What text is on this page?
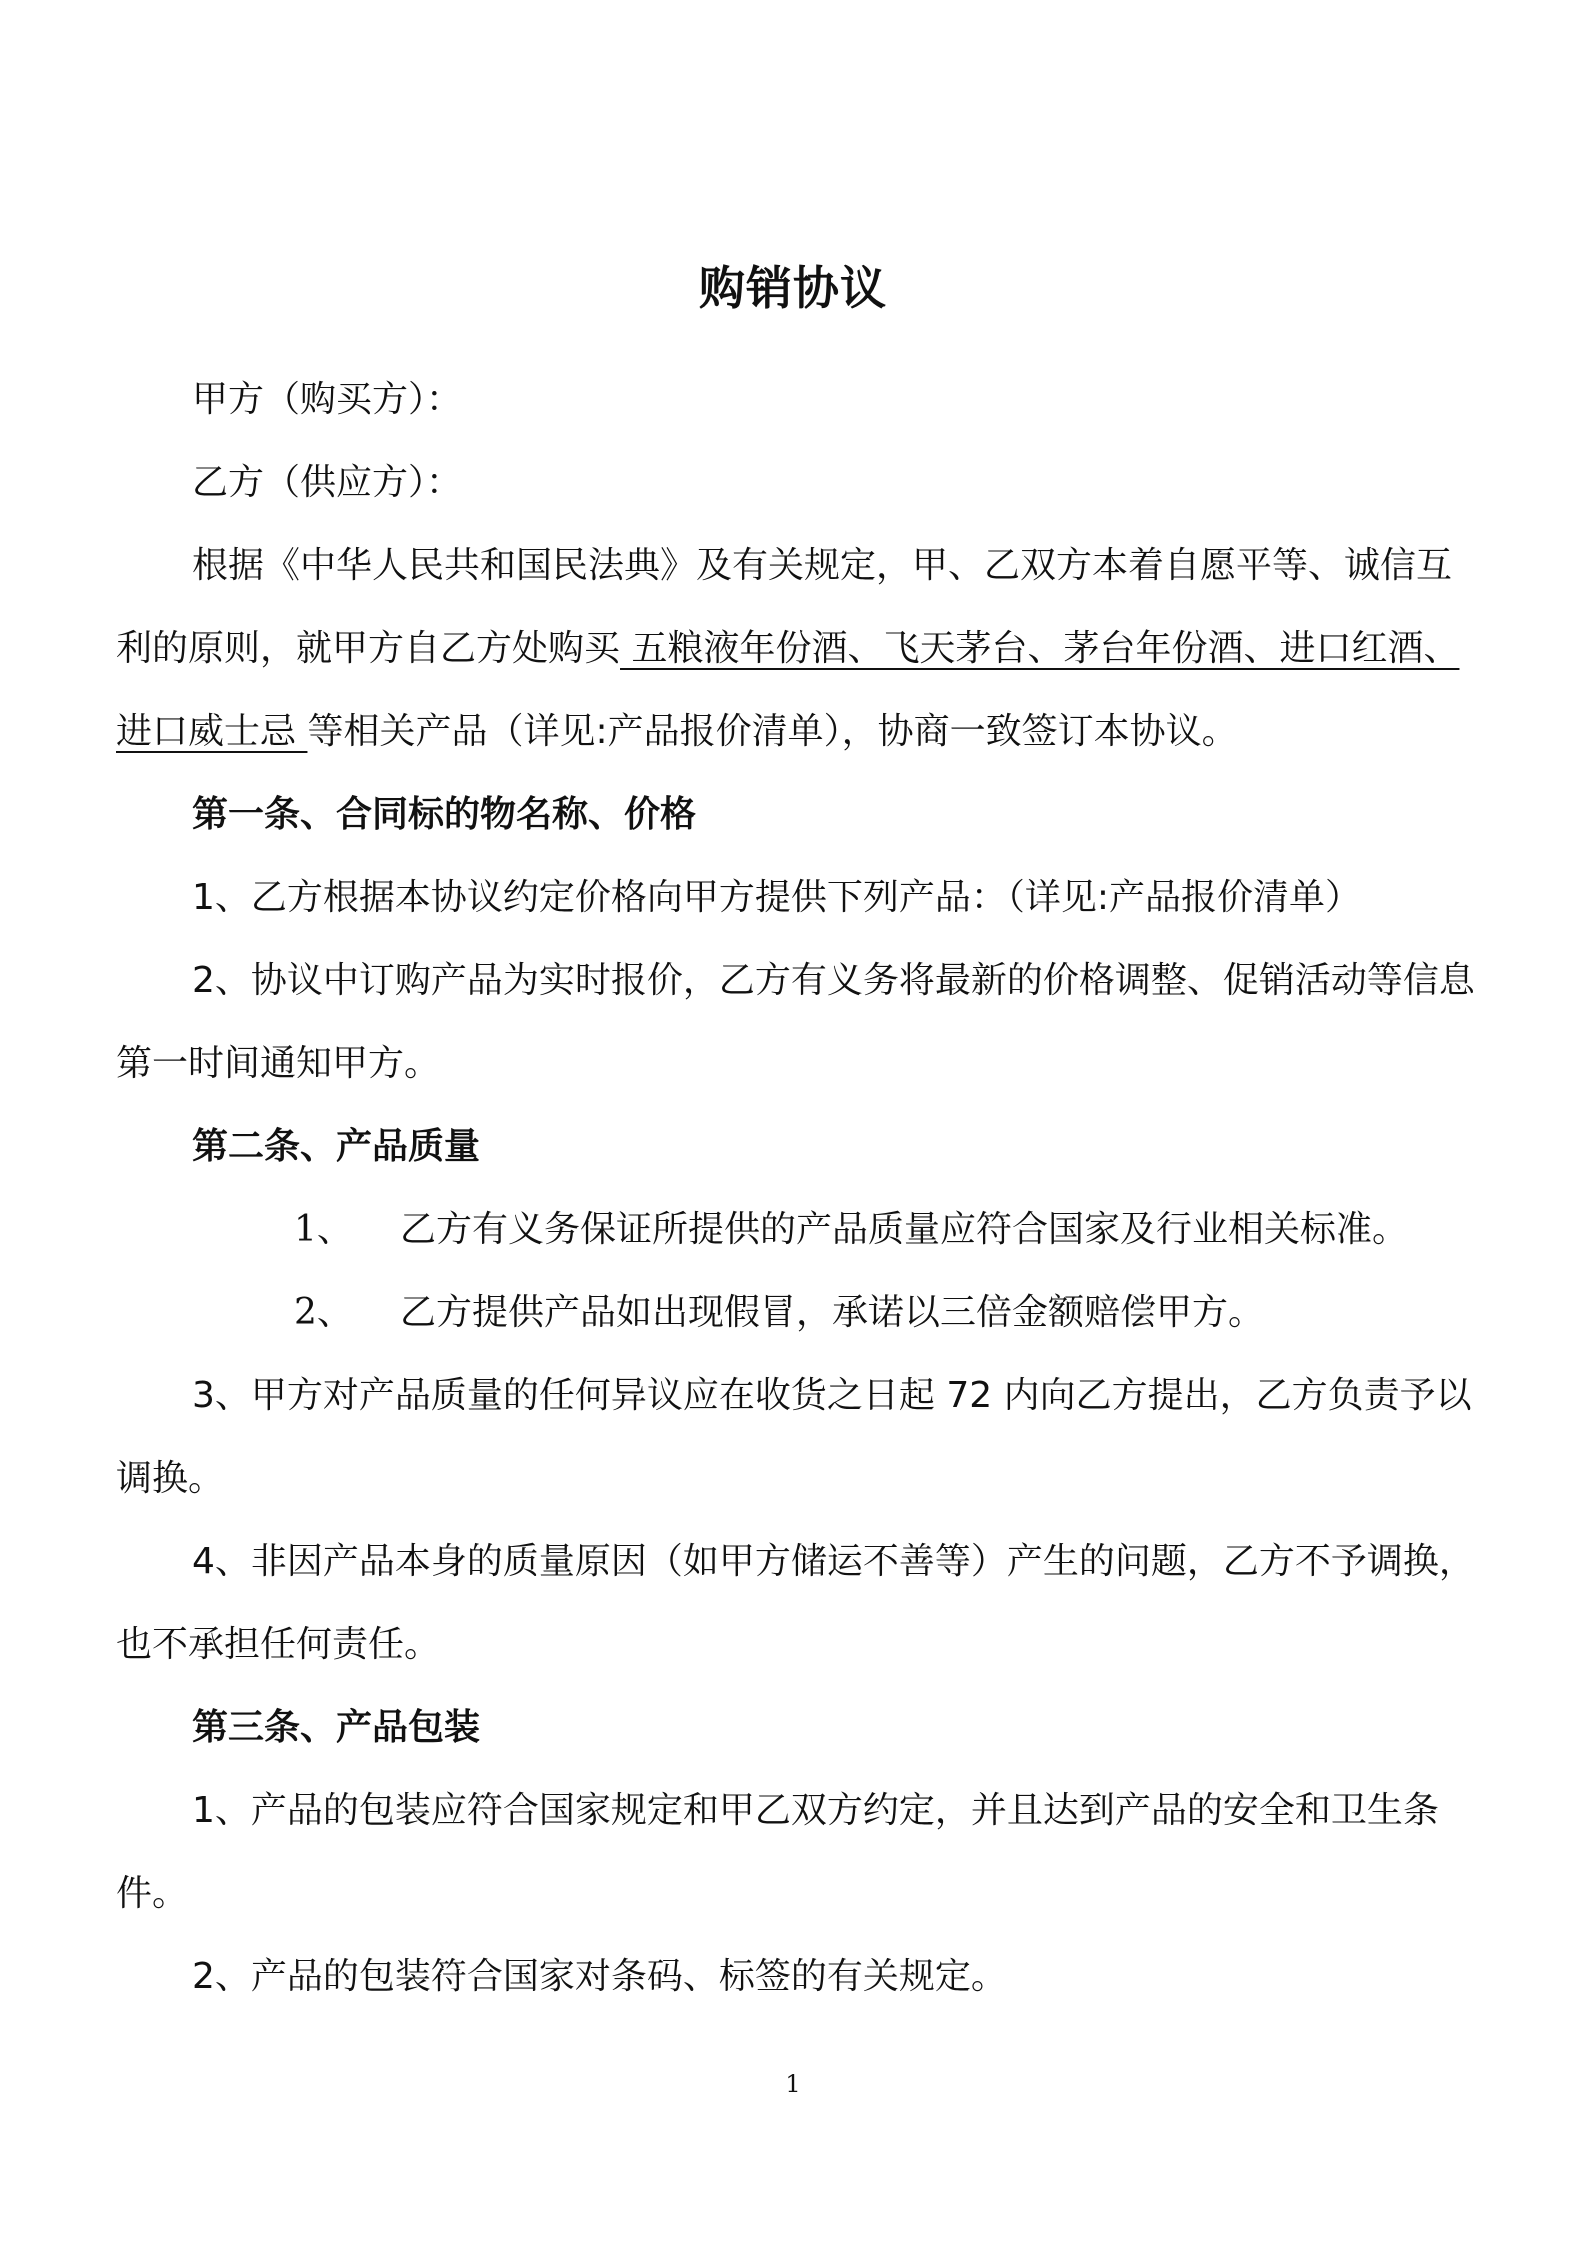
购销协议

甲方（购买方）：

乙方（供应方）：

根据《中华人民共和国民法典》及有关规定，甲、乙双方本着自愿平等、诚信互利的原则，就甲方自乙方处购买 五粮液年份酒、飞天茅台、茅台年份酒、进口红酒、进口威士忌 等相关产品（详见:产品报价清单），协商一致签订本协议。

第一条、合同标的物名称、价格

1、乙方根据本协议约定价格向甲方提供下列产品：（详见:产品报价清单）

2、协议中订购产品为实时报价，乙方有义务将最新的价格调整、促销活动等信息第一时间通知甲方。

第二条、产品质量

1、 乙方有义务保证所提供的产品质量应符合国家及行业相关标准。

2、 乙方提供产品如出现假冒，承诺以三倍金额赔偿甲方。

3、甲方对产品质量的任何异议应在收货之日起 72 内向乙方提出，乙方负责予以调换。

4、非因产品本身的质量原因（如甲方储运不善等）产生的问题，乙方不予调换，也不承担任何责任。

第三条、产品包装

1、产品的包装应符合国家规定和甲乙双方约定，并且达到产品的安全和卫生条件。

2、产品的包装符合国家对条码、标签的有关规定。

1
